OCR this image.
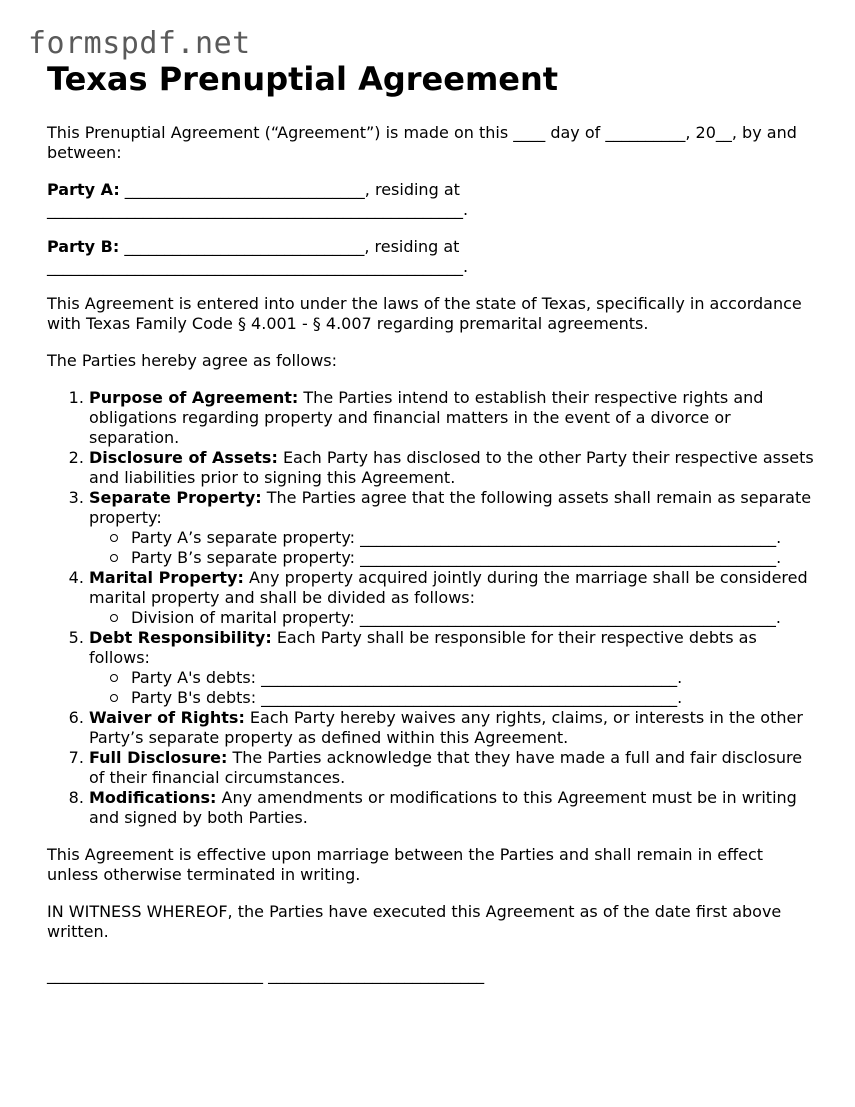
formspdf.net
Texas Prenuptial Agreement

This Prenuptial Agreement (“Agreement”) is made on this ____ day of __________, 20__, by and between:

Party A: ______________________________, residing at ____________________________________________________.

Party B: ______________________________, residing at ____________________________________________________.

This Agreement is entered into under the laws of the state of Texas, specifically in accordance with Texas Family Code § 4.001 - § 4.007 regarding premarital agreements.

The Parties hereby agree as follows:

1. Purpose of Agreement: The Parties intend to establish their respective rights and obligations regarding property and financial matters in the event of a divorce or separation.
2. Disclosure of Assets: Each Party has disclosed to the other Party their respective assets and liabilities prior to signing this Agreement.
3. Separate Property: The Parties agree that the following assets shall remain as separate property:
Party A’s separate property: ____________________________________________________.
Party B’s separate property: ____________________________________________________.
4. Marital Property: Any property acquired jointly during the marriage shall be considered marital property and shall be divided as follows:
Division of marital property: ____________________________________________________.
5. Debt Responsibility: Each Party shall be responsible for their respective debts as follows:
Party A's debts: ____________________________________________________.
Party B's debts: ____________________________________________________.
6. Waiver of Rights: Each Party hereby waives any rights, claims, or interests in the other Party’s separate property as defined within this Agreement.
7. Full Disclosure: The Parties acknowledge that they have made a full and fair disclosure of their financial circumstances.
8. Modifications: Any amendments or modifications to this Agreement must be in writing and signed by both Parties.

This Agreement is effective upon marriage between the Parties and shall remain in effect unless otherwise terminated in writing.

IN WITNESS WHEREOF, the Parties have executed this Agreement as of the date first above written.

___________________________ ___________________________
